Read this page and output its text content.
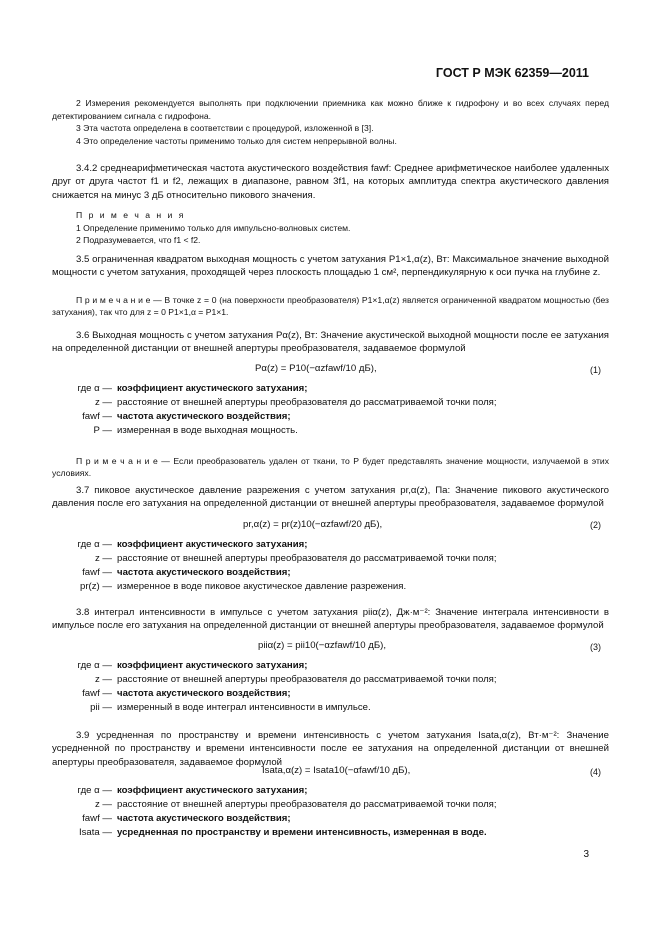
ГОСТ Р МЭК 62359—2011

2 Измерения рекомендуется выполнять при подключении приемника как можно ближе к гидрофону и во всех случаях перед детектированием сигнала с гидрофона.

3 Эта частота определена в соответствии с процедурой, изложенной в [3].

4 Это определение частоты применимо только для систем непрерывной волны.

3.4.2 среднеарифметическая частота акустического воздействия fawf: Среднее арифметическое наиболее удаленных друг от друга частот f1 и f2, лежащих в диапазоне, равном 3f1, на которых амплитуда спектра акустического давления снижается на минус 3 дБ относительно пикового значения.

П р и м е ч а н и я

1 Определение применимо только для импульсно-волновых систем.

2 Подразумевается, что f1 < f2.

3.5 ограниченная квадратом выходная мощность с учетом затухания P1×1,α(z), Вт: Максимальное значение выходной мощности с учетом затухания, проходящей через плоскость площадью 1 см², перпендикулярную к оси пучка на глубине z.

П р и м е ч а н и е — В точке z = 0 (на поверхности преобразователя) P1×1,α(z) является ограниченной квадратом мощностью (без затухания), так что для z = 0 P1×1,α = P1×1.

3.6 Выходная мощность с учетом затухания Pα(z), Вт: Значение акустической выходной мощности после ее затухания на определенной дистанции от внешней апертуры преобразователя, задаваемое формулой

Pα(z) = P10(−αzfawf/10 дБ),	(1)
где α — коэффициент акустического затухания;
z — расстояние от внешней апертуры преобразователя до рассматриваемой точки поля;
fawf — частота акустического воздействия;
P — измеренная в воде выходная мощность.

П р и м е ч а н и е — Если преобразователь удален от ткани, то P будет представлять значение мощности, излучаемой в этих условиях.

3.7 пиковое акустическое давление разрежения с учетом затухания pr,α(z), Па: Значение пикового акустического давления после его затухания на определенной дистанции от внешней апертуры преобразователя, задаваемое формулой

pr,α(z) = pr(z)10(−αzfawf/20 дБ),	(2)
где α — коэффициент акустического затухания;
z — расстояние от внешней апертуры преобразователя до рассматриваемой точки поля;
fawf — частота акустического воздействия;
pr(z) — измеренное в воде пиковое акустическое давление разрежения.

3.8 интеграл интенсивности в импульсе с учетом затухания piiα(z), Дж·м⁻²: Значение интеграла интенсивности в импульсе после его затухания на определенной дистанции от внешней апертуры преобразователя, задаваемое формулой

piiα(z) = pii10(−αzfawf/10 дБ),	(3)
где α — коэффициент акустического затухания;
z — расстояние от внешней апертуры преобразователя до рассматриваемой точки поля;
fawf — частота акустического воздействия;
pii — измеренный в воде интеграл интенсивности в импульсе.

3.9 усредненная по пространству и времени интенсивность с учетом затухания Isata,α(z), Вт·м⁻²: Значение усредненной по пространству и времени интенсивности после ее затухания на определенной дистанции от внешней апертуры преобразователя, задаваемое формулой

Isata,α(z) = Isata10(−αfawf/10 дБ),	(4)
где α — коэффициент акустического затухания;
z — расстояние от внешней апертуры преобразователя до рассматриваемой точки поля;
fawf — частота акустического воздействия;
Isata — усредненная по пространству и времени интенсивность, измеренная в воде.
3
